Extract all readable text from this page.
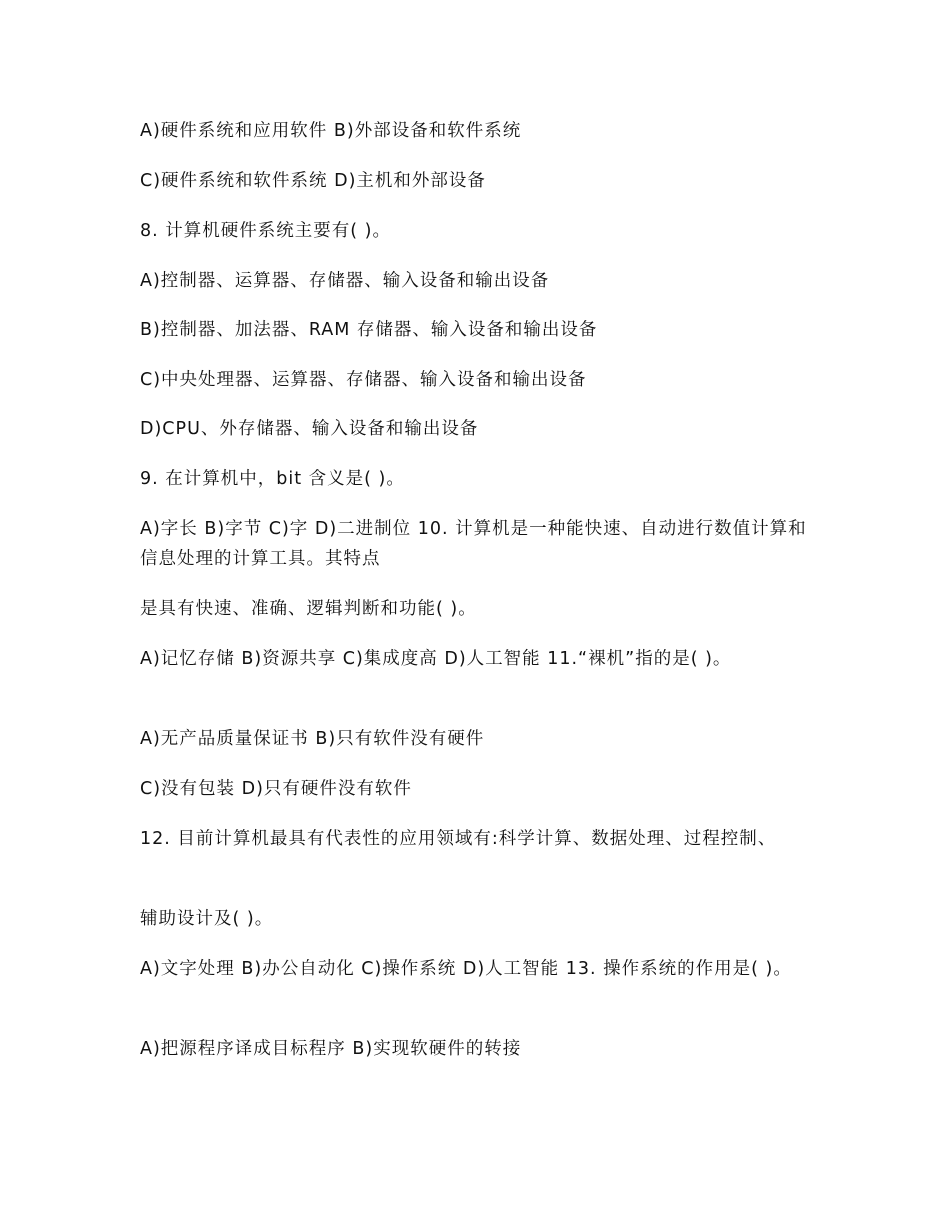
A)硬件系统和应用软件 B)外部设备和软件系统
C)硬件系统和软件系统 D)主机和外部设备
8. 计算机硬件系统主要有( )。
A)控制器、运算器、存储器、输入设备和输出设备
B)控制器、加法器、RAM 存储器、输入设备和输出设备
C)中央处理器、运算器、存储器、输入设备和输出设备
D)CPU、外存储器、输入设备和输出设备
9. 在计算机中，bit 含义是( )。
A)字长 B)字节 C)字 D)二进制位 10. 计算机是一种能快速、自动进行数值计算和信息处理的计算工具。其特点
是具有快速、准确、逻辑判断和功能( )。
A)记忆存储 B)资源共享 C)集成度高 D)人工智能 11.“裸机”指的是( )。
A)无产品质量保证书 B)只有软件没有硬件
C)没有包装 D)只有硬件没有软件
12. 目前计算机最具有代表性的应用领域有:科学计算、数据处理、过程控制、
辅助设计及( )。
A)文字处理 B)办公自动化 C)操作系统 D)人工智能 13. 操作系统的作用是( )。
A)把源程序译成目标程序 B)实现软硬件的转接
